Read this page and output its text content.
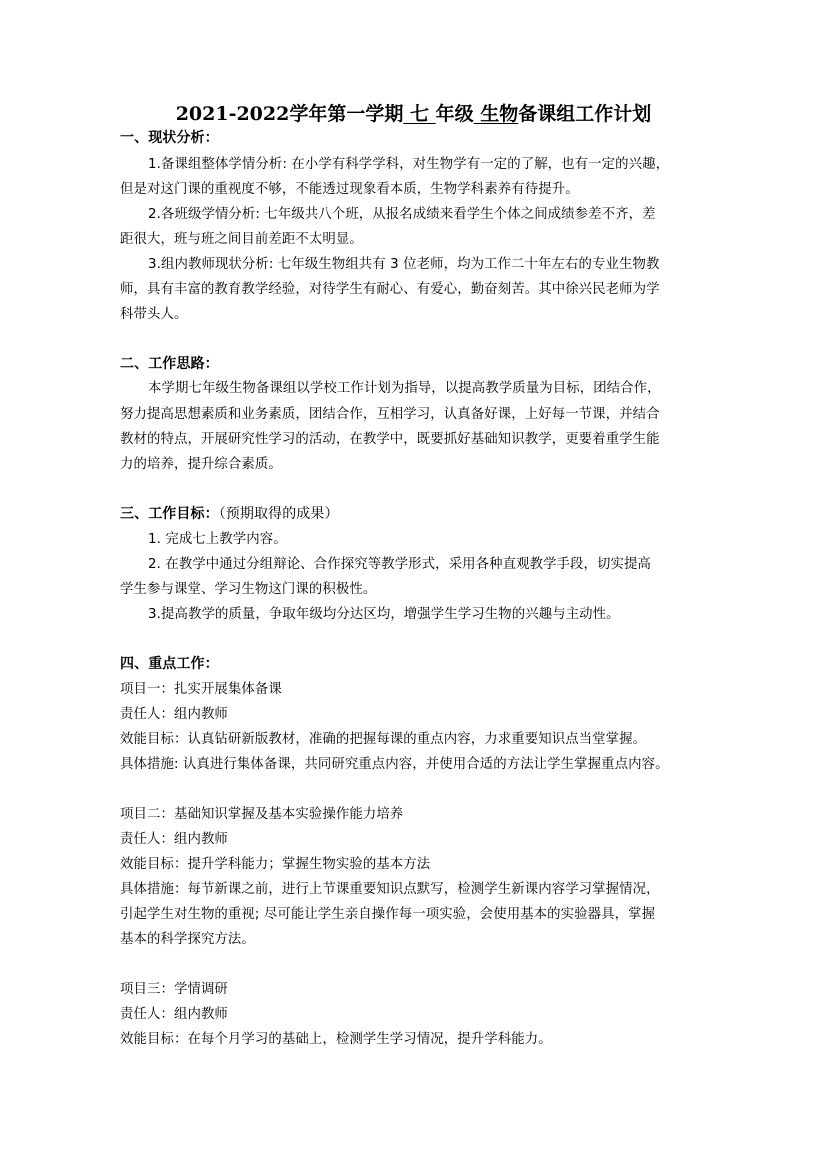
2021-2022学年第一学期 七 年级 生物备课组工作计划
一、现状分析：
1.备课组整体学情分析: 在小学有科学学科，对生物学有一定的了解，也有一定的兴趣，
但是对这门课的重视度不够，不能透过现象看本质，生物学科素养有待提升。
2.各班级学情分析: 七年级共八个班，从报名成绩来看学生个体之间成绩参差不齐，差
距很大，班与班之间目前差距不太明显。
3.组内教师现状分析: 七年级生物组共有 3 位老师，均为工作二十年左右的专业生物教
师，具有丰富的教育教学经验，对待学生有耐心、有爱心，勤奋刻苦。其中徐兴民老师为学
科带头人。
二、工作思路：
本学期七年级生物备课组以学校工作计划为指导，以提高教学质量为目标，团结合作，
努力提高思想素质和业务素质，团结合作，互相学习，认真备好课，上好每一节课，并结合
教材的特点，开展研究性学习的活动，在教学中，既要抓好基础知识教学，更要着重学生能
力的培养，提升综合素质。
三、工作目标：（预期取得的成果）
1. 完成七上教学内容。
2. 在教学中通过分组辩论、合作探究等教学形式，采用各种直观教学手段，切实提高
学生参与课堂、学习生物这门课的积极性。
3.提高教学的质量，争取年级均分达区均，增强学生学习生物的兴趣与主动性。
四、重点工作：
项目一：扎实开展集体备课
责任人：组内教师
效能目标：认真钻研新版教材，准确的把握每课的重点内容，力求重要知识点当堂掌握。
具体措施: 认真进行集体备课，共同研究重点内容，并使用合适的方法让学生掌握重点内容。
项目二：基础知识掌握及基本实验操作能力培养
责任人：组内教师
效能目标：提升学科能力；掌握生物实验的基本方法
具体措施：每节新课之前，进行上节课重要知识点默写，检测学生新课内容学习掌握情况，
引起学生对生物的重视; 尽可能让学生亲自操作每一项实验，会使用基本的实验器具，掌握
基本的科学探究方法。
项目三：学情调研
责任人：组内教师
效能目标：在每个月学习的基础上，检测学生学习情况，提升学科能力。
